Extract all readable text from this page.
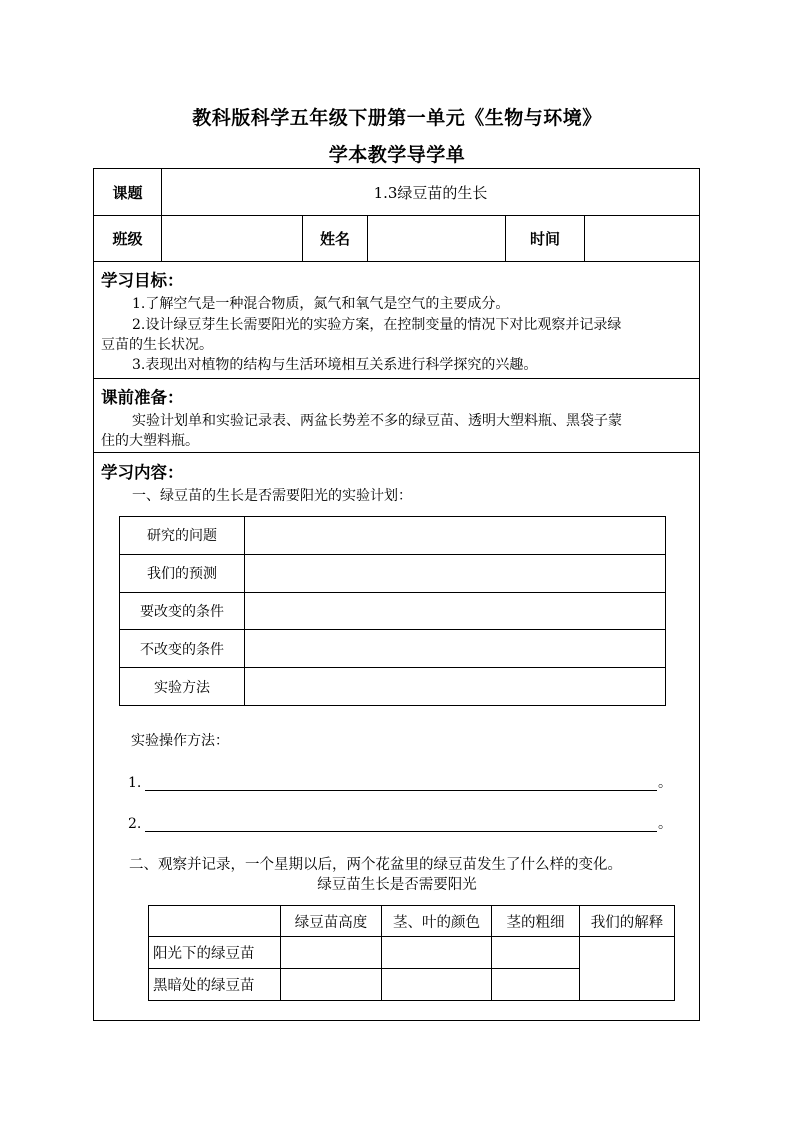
教科版科学五年级下册第一单元《生物与环境》
学本教学导学单
课题	1.3绿豆苗的生长
班级	姓名	时间
学习目标：
1.了解空气是一种混合物质，氮气和氧气是空气的主要成分。
2.设计绿豆芽生长需要阳光的实验方案，在控制变量的情况下对比观察并记录绿
豆苗的生长状况。
3.表现出对植物的结构与生活环境相互关系进行科学探究的兴趣。
课前准备：
实验计划单和实验记录表、两盆长势差不多的绿豆苗、透明大塑料瓶、黑袋子蒙
住的大塑料瓶。
学习内容：
一、绿豆苗的生长是否需要阳光的实验计划：
研究的问题	
我们的预测	
要改变的条件	
不改变的条件	
实验方法	
实验操作方法：
1.	。
2.	。
二、观察并记录，一个星期以后，两个花盆里的绿豆苗发生了什么样的变化。
绿豆苗生长是否需要阳光
	绿豆苗高度	茎、叶的颜色	茎的粗细	我们的解释
阳光下的绿豆苗				
黑暗处的绿豆苗				
